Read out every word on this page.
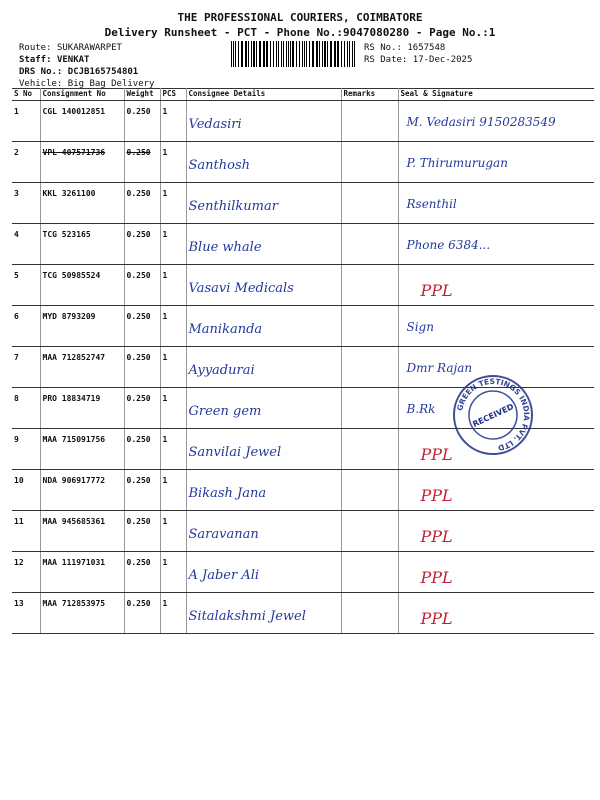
THE PROFESSIONAL COURIERS, COIMBATORE
Delivery Runsheet - PCT - Phone No.:9047080280 - Page No.:1
Route: SUKARAWARPET
Staff: VENKAT
DRS No.: DCJB165754801
Vehicle: Big Bag Delivery
RS No.: 1657548
RS Date: 17-Dec-2025
S No	Consignment No	Weight	PCS	Consignee Details	Remarks	Seal & Signature
1	CGL 140012851	0.250	1	Vedasiri		M. Vedasiri 9150283549
2	VPL 407571736	0.250	1	Santhosh		P. Thirumurugan
3	KKL 3261100	0.250	1	Senthilkumar		Rsenthil
4	TCG 523165	0.250	1	Blue whale		Phone 6384...
5	TCG 50985524	0.250	1	Vasavi Medicals		PPL
6	MYD 8793209	0.250	1	Manikanda		Sign
7	MAA 712852747	0.250	1	Ayyadurai		Dmr Rajan
8	PRO 18834719	0.250	1	Green gem		B.Rk
9	MAA 715091756	0.250	1	Sanvilai Jewel		PPL
10	NDA 906917772	0.250	1	Bikash Jana		PPL
11	MAA 945685361	0.250	1	Saravanan		PPL
12	MAA 111971031	0.250	1	A Jaber Ali		PPL
13	MAA 712853975	0.250	1	Sitalakshmi Jewel		PPL
GREEN TESTINGS INDIA PVT. LTD
RECEIVED
